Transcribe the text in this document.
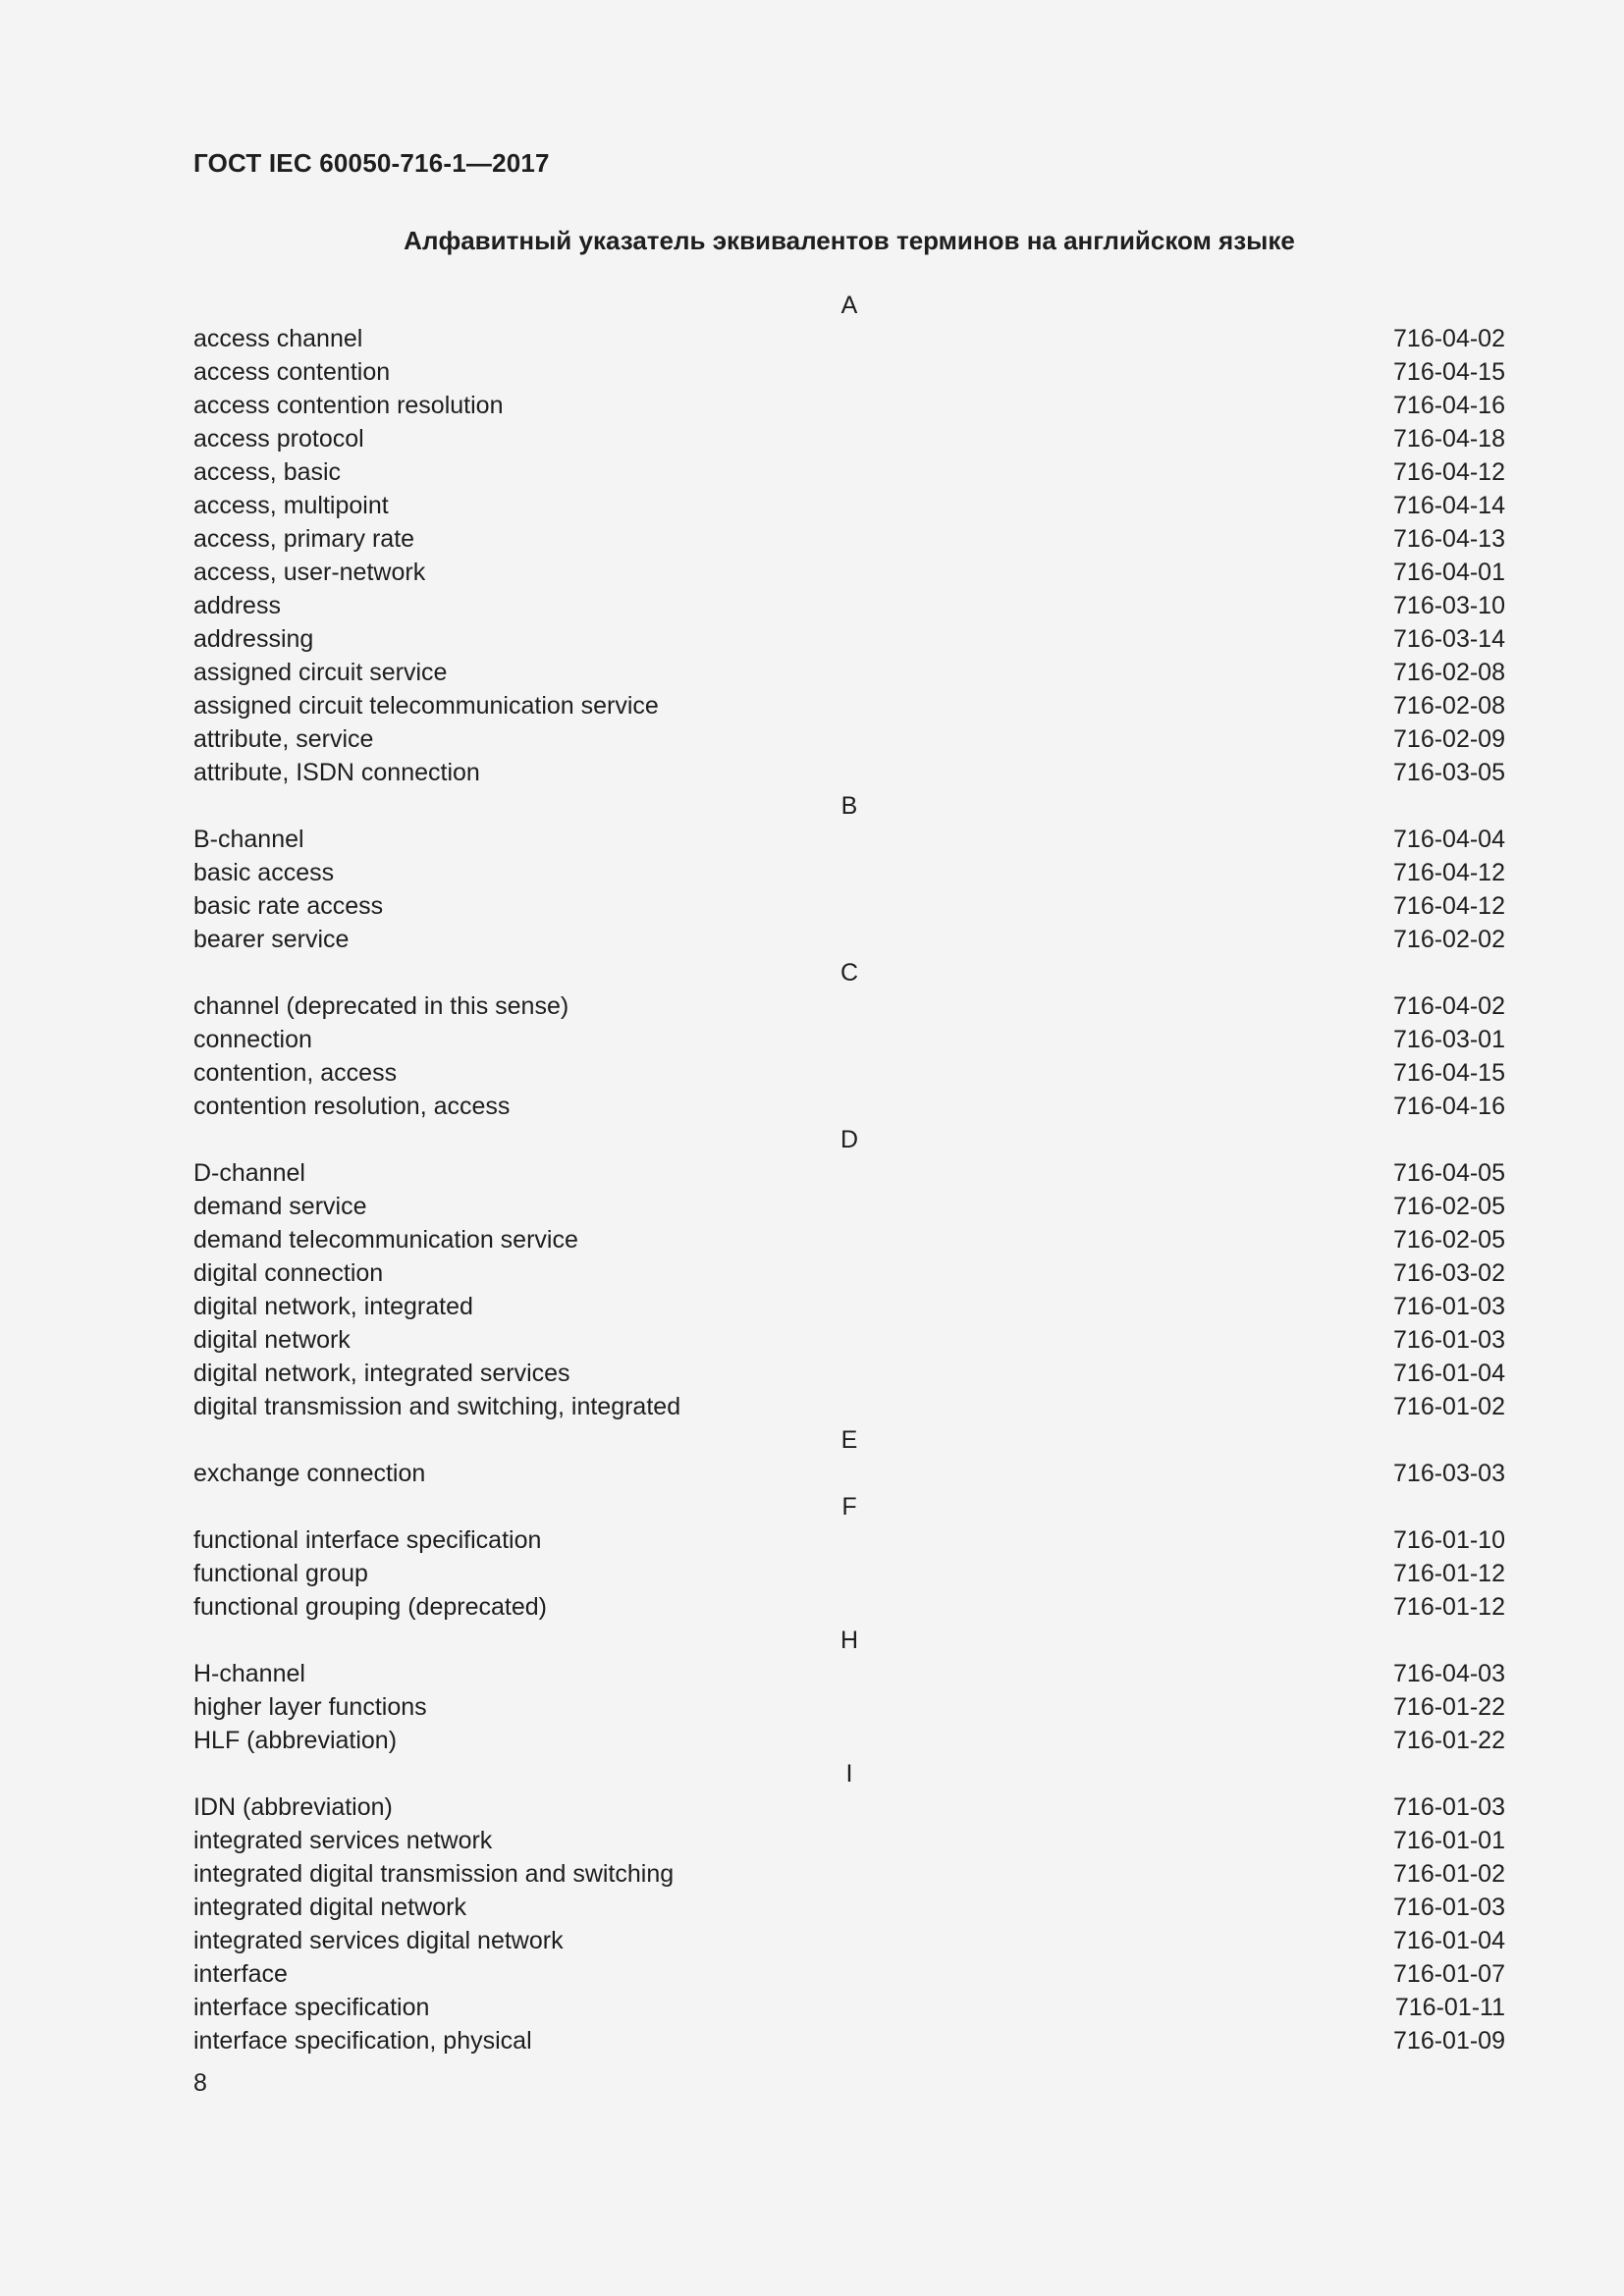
ГОСТ IEC 60050-716-1—2017
Алфавитный указатель эквивалентов терминов на английском языке
A
access channel	716-04-02
access contention	716-04-15
access contention resolution	716-04-16
access protocol	716-04-18
access, basic	716-04-12
access, multipoint	716-04-14
access, primary rate	716-04-13
access, user-network	716-04-01
address	716-03-10
addressing	716-03-14
assigned circuit service	716-02-08
assigned circuit telecommunication service	716-02-08
attribute, service	716-02-09
attribute, ISDN connection	716-03-05
B
B-channel	716-04-04
basic access	716-04-12
basic rate access	716-04-12
bearer service	716-02-02
C
channel (deprecated in this sense)	716-04-02
connection	716-03-01
contention, access	716-04-15
contention resolution, access	716-04-16
D
D-channel	716-04-05
demand service	716-02-05
demand telecommunication service	716-02-05
digital connection	716-03-02
digital network, integrated	716-01-03
digital network	716-01-03
digital network, integrated services	716-01-04
digital transmission and switching, integrated	716-01-02
E
exchange connection	716-03-03
F
functional interface specification	716-01-10
functional group	716-01-12
functional grouping (deprecated)	716-01-12
H
H-channel	716-04-03
higher layer functions	716-01-22
HLF (abbreviation)	716-01-22
I
IDN (abbreviation)	716-01-03
integrated services network	716-01-01
integrated digital transmission and switching	716-01-02
integrated digital network	716-01-03
integrated services digital network	716-01-04
interface	716-01-07
interface specification	716-01-11
interface specification, physical	716-01-09
8
